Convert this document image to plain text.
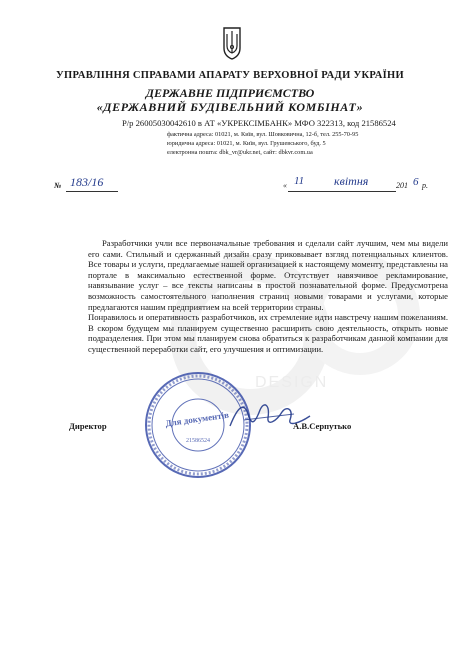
DESIGN
УПРАВЛІННЯ СПРАВАМИ АПАРАТУ ВЕРХОВНОЇ РАДИ УКРАЇНИ
ДЕРЖАВНЕ ПІДПРИЄМСТВО
«ДЕРЖАВНИЙ БУДІВЕЛЬНИЙ КОМБІНАТ»
Р/р 26005030042610 в АТ «УКРЕКСІМБАНК» МФО 322313, код 21586524
фактична адреса: 01021, м. Київ, вул. Шовковична, 12-б, тел. 255-70-95
юридична адреса: 01021, м. Київ, вул. Грушевського, буд. 5
електронна пошта: dbk_vr@ukr.net, сайт: dbkvr.com.ua
№ 183/16	« 11 квітня	201 6 р.

Разработчики учли все первоначальные требования и сделали сайт лучшим, чем мы видели его сами. Стильный и сдержанный дизайн сразу приковывает взгляд потенциальных клиентов. Все товары и услуги, предлагаемые нашей организацией к настоящему моменту, представлены на портале в максимально естественной форме. Отсутствует навязчивое рекламирование, навязывание услуг – все тексты написаны в простой познавательной форме. Предусмотрена возможность самостоятельного наполнения страниц новыми товарами и услугами, которые предлагаются нашим предприятием на всей территории страны.

Понравилось и оперативность разработчиков, их стремление идти навстречу нашим пожеланиям. В скором будущем мы планируем существенно расширить свою деятельность, открыть новые подразделения. При этом мы планируем снова обратиться к разработчикам данной компании для существенной переработки сайт, его улучшения и оптимизации.

Директор	А.В.Серпутько
Для документів
21586524
